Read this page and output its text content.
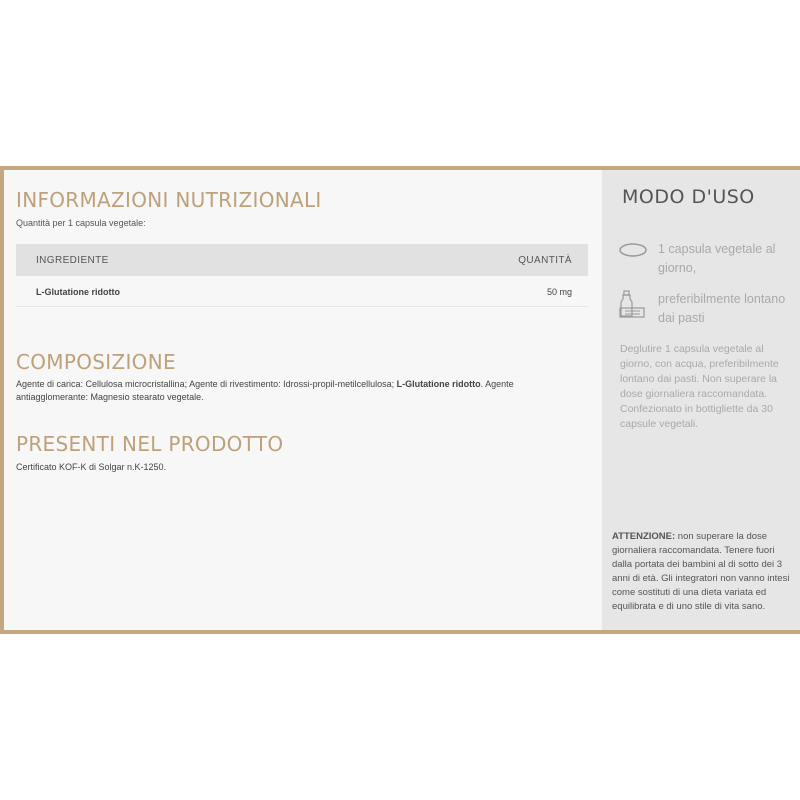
INFORMAZIONI NUTRIZIONALI
Quantità per 1 capsula vegetale:
INGREDIENTE	QUANTITÀ
L-Glutatione ridotto	50 mg
COMPOSIZIONE
Agente di carica: Cellulosa microcristallina; Agente di rivestimento: Idrossi-propil-metilcellulosa; L-Glutatione ridotto. Agente antiagglomerante: Magnesio stearato vegetale.
PRESENTI NEL PRODOTTO
Certificato KOF-K di Solgar n.K-1250.
MODO D'USO
1 capsula vegetale al giorno,
preferibilmente lontano dai pasti
Deglutire 1 capsula vegetale al giorno, con acqua, preferibilmente lontano dai pasti. Non superare la dose giornaliera raccomandata. Confezionato in bottigliette da 30 capsule vegetali.
ATTENZIONE: non superare la dose giornaliera raccomandata. Tenere fuori dalla portata dei bambini al di sotto dei 3 anni di età. Gli integratori non vanno intesi come sostituti di una dieta variata ed equilibrata e di uno stile di vita sano.
